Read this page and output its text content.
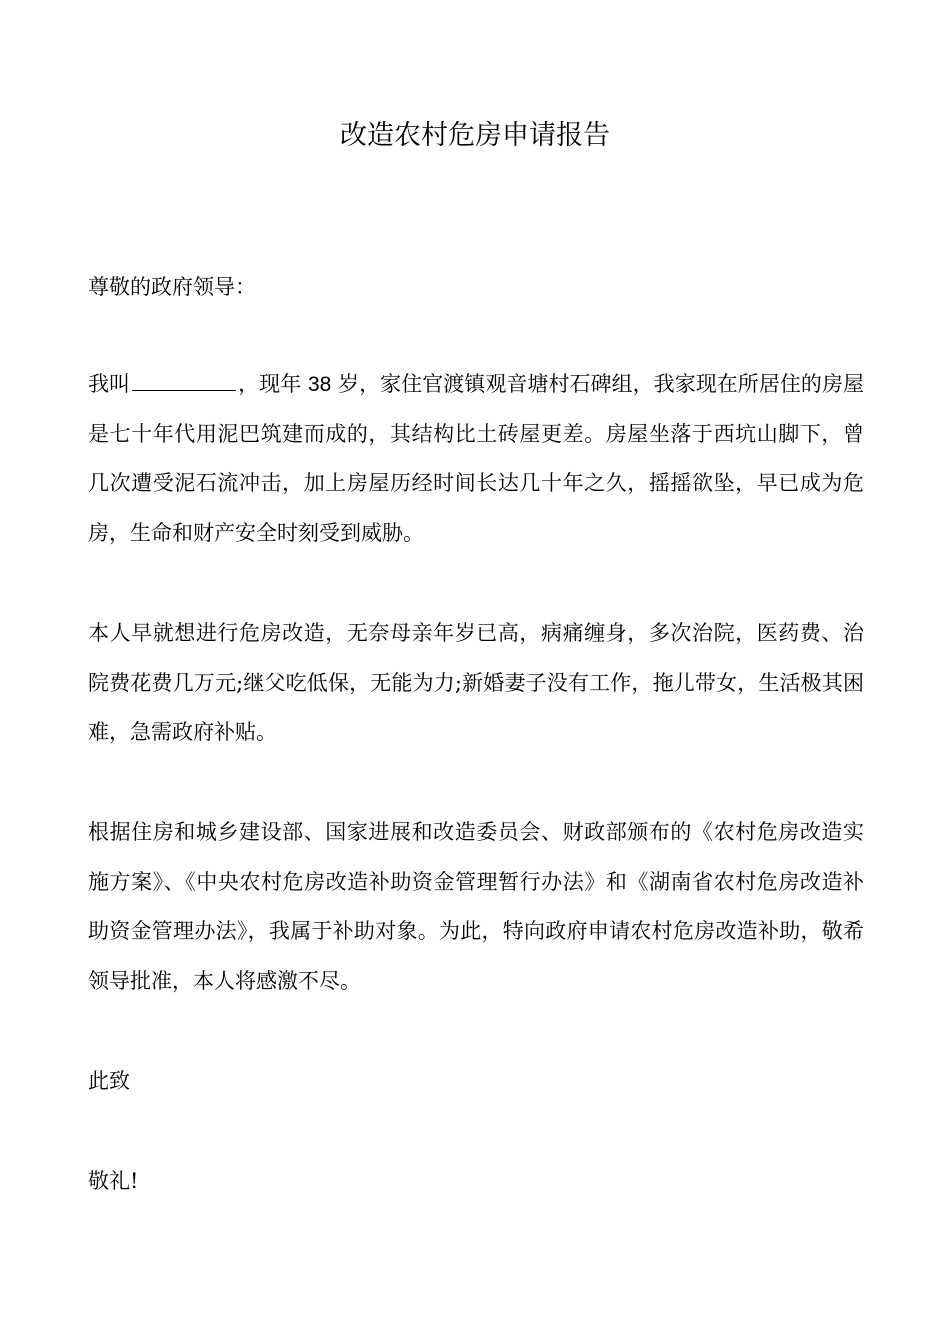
改造农村危房申请报告
尊敬的政府领导：

我叫	，现年 38 岁，家住官渡镇观音塘村石碑组，我家现在所居住的房屋是七十年代用泥巴筑建而成的，其结构比土砖屋更差。房屋坐落于西坑山脚下，曾几次遭受泥石流冲击，加上房屋历经时间长达几十年之久，摇摇欲坠，早已成为危房，生命和财产安全时刻受到威胁。

本人早就想进行危房改造，无奈母亲年岁已高，病痛缠身，多次治院，医药费、治院费花费几万元;继父吃低保，无能为力;新婚妻子没有工作，拖儿带女，生活极其困难，急需政府补贴。

根据住房和城乡建设部、国家进展和改造委员会、财政部颁布的《农村危房改造实施方案》、《中央农村危房改造补助资金管理暂行办法》和《湖南省农村危房改造补助资金管理办法》，我属于补助对象。为此，特向政府申请农村危房改造补助，敬希领导批准，本人将感激不尽。

此致
敬礼!
